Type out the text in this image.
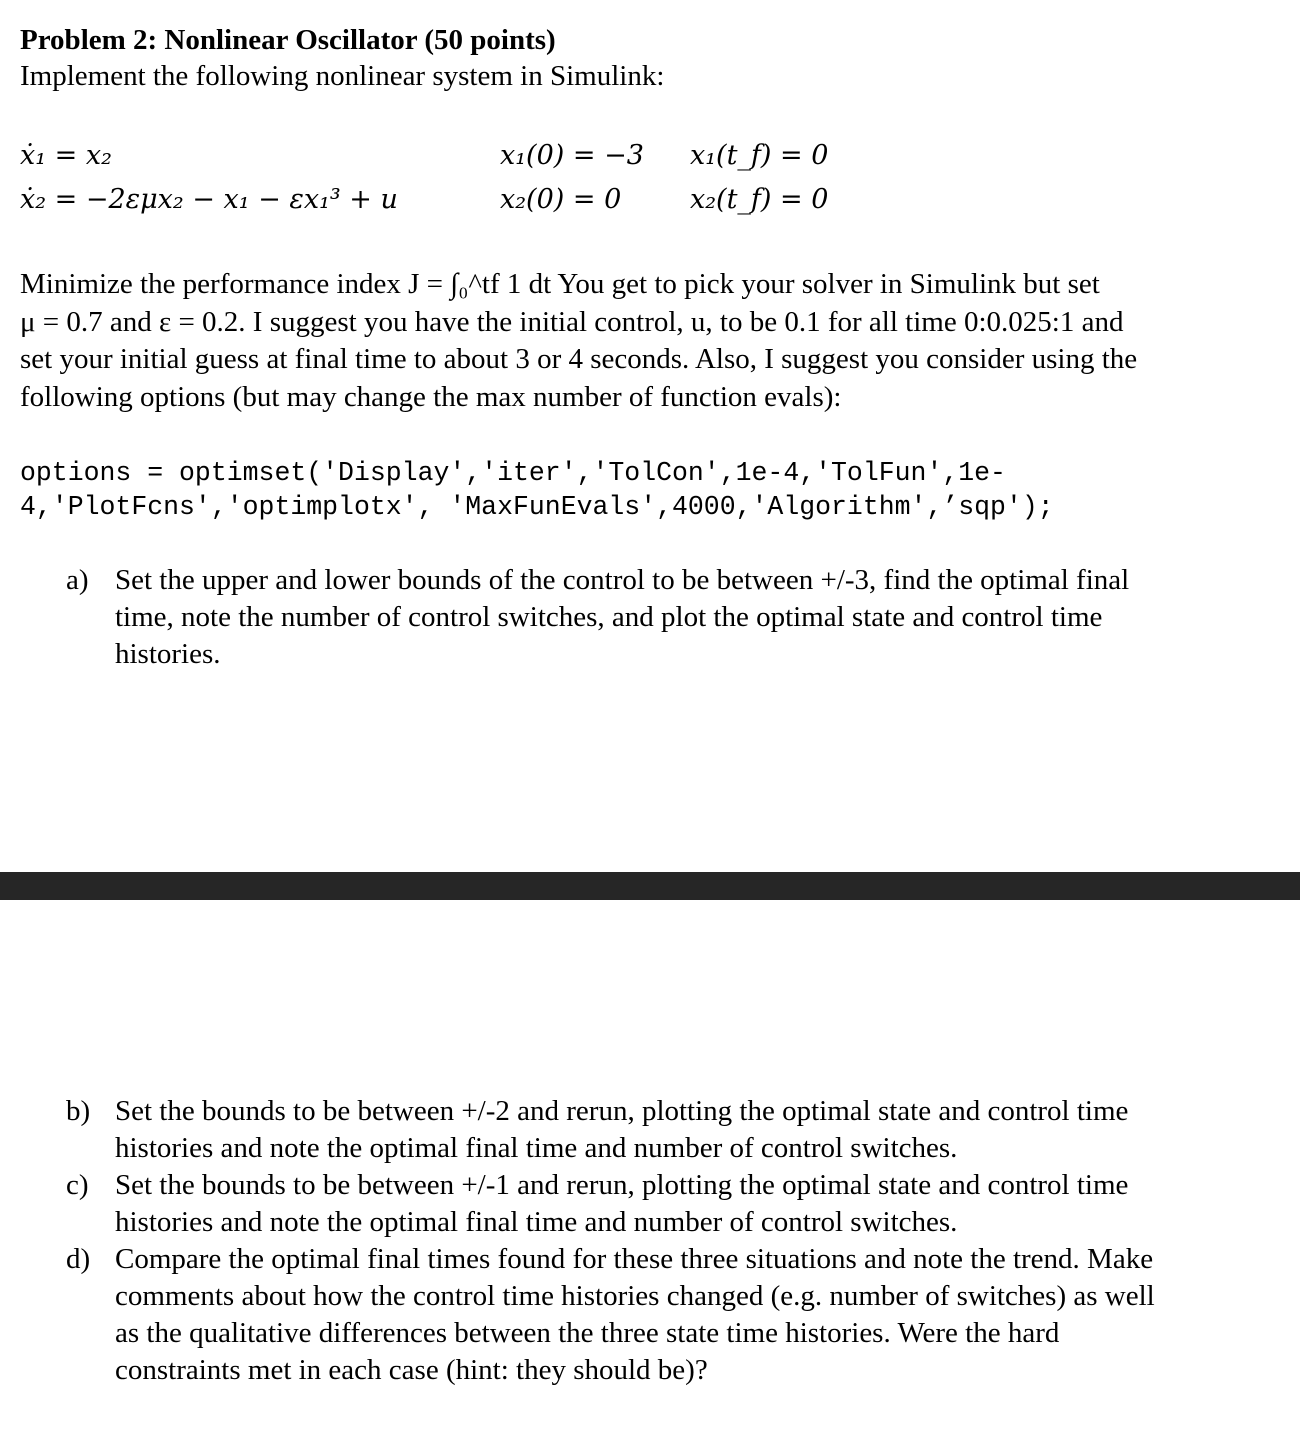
Problem 2: Nonlinear Oscillator (50 points)
Implement the following nonlinear system in Simulink:
ẋ₁ = x₂
ẋ₂ = −2εμx₂ − x₁ − εx₁³ + u
x₁(0) = −3
x₂(0) = 0
x₁(t_f) = 0
x₂(t_f) = 0

Minimize the performance index J = ∫₀^tf 1 dt You get to pick your solver in Simulink but set

μ = 0.7 and ε = 0.2. I suggest you have the initial control, u, to be 0.1 for all time 0:0.025:1 and

set your initial guess at final time to about 3 or 4 seconds. Also, I suggest you consider using the

following options (but may change the max number of function evals):

options = optimset('Display','iter','TolCon',1e-4,'TolFun',1e-

4,'PlotFcns','optimplotx', 'MaxFunEvals',4000,'Algorithm',’sqp');

a) Set the upper and lower bounds of the control to be between +/-3, find the optimal final

time, note the number of control switches, and plot the optimal state and control time

histories.

b) Set the bounds to be between +/-2 and rerun, plotting the optimal state and control time

histories and note the optimal final time and number of control switches.

c) Set the bounds to be between +/-1 and rerun, plotting the optimal state and control time

histories and note the optimal final time and number of control switches.

d) Compare the optimal final times found for these three situations and note the trend. Make

comments about how the control time histories changed (e.g. number of switches) as well

as the qualitative differences between the three state time histories. Were the hard

constraints met in each case (hint: they should be)?
